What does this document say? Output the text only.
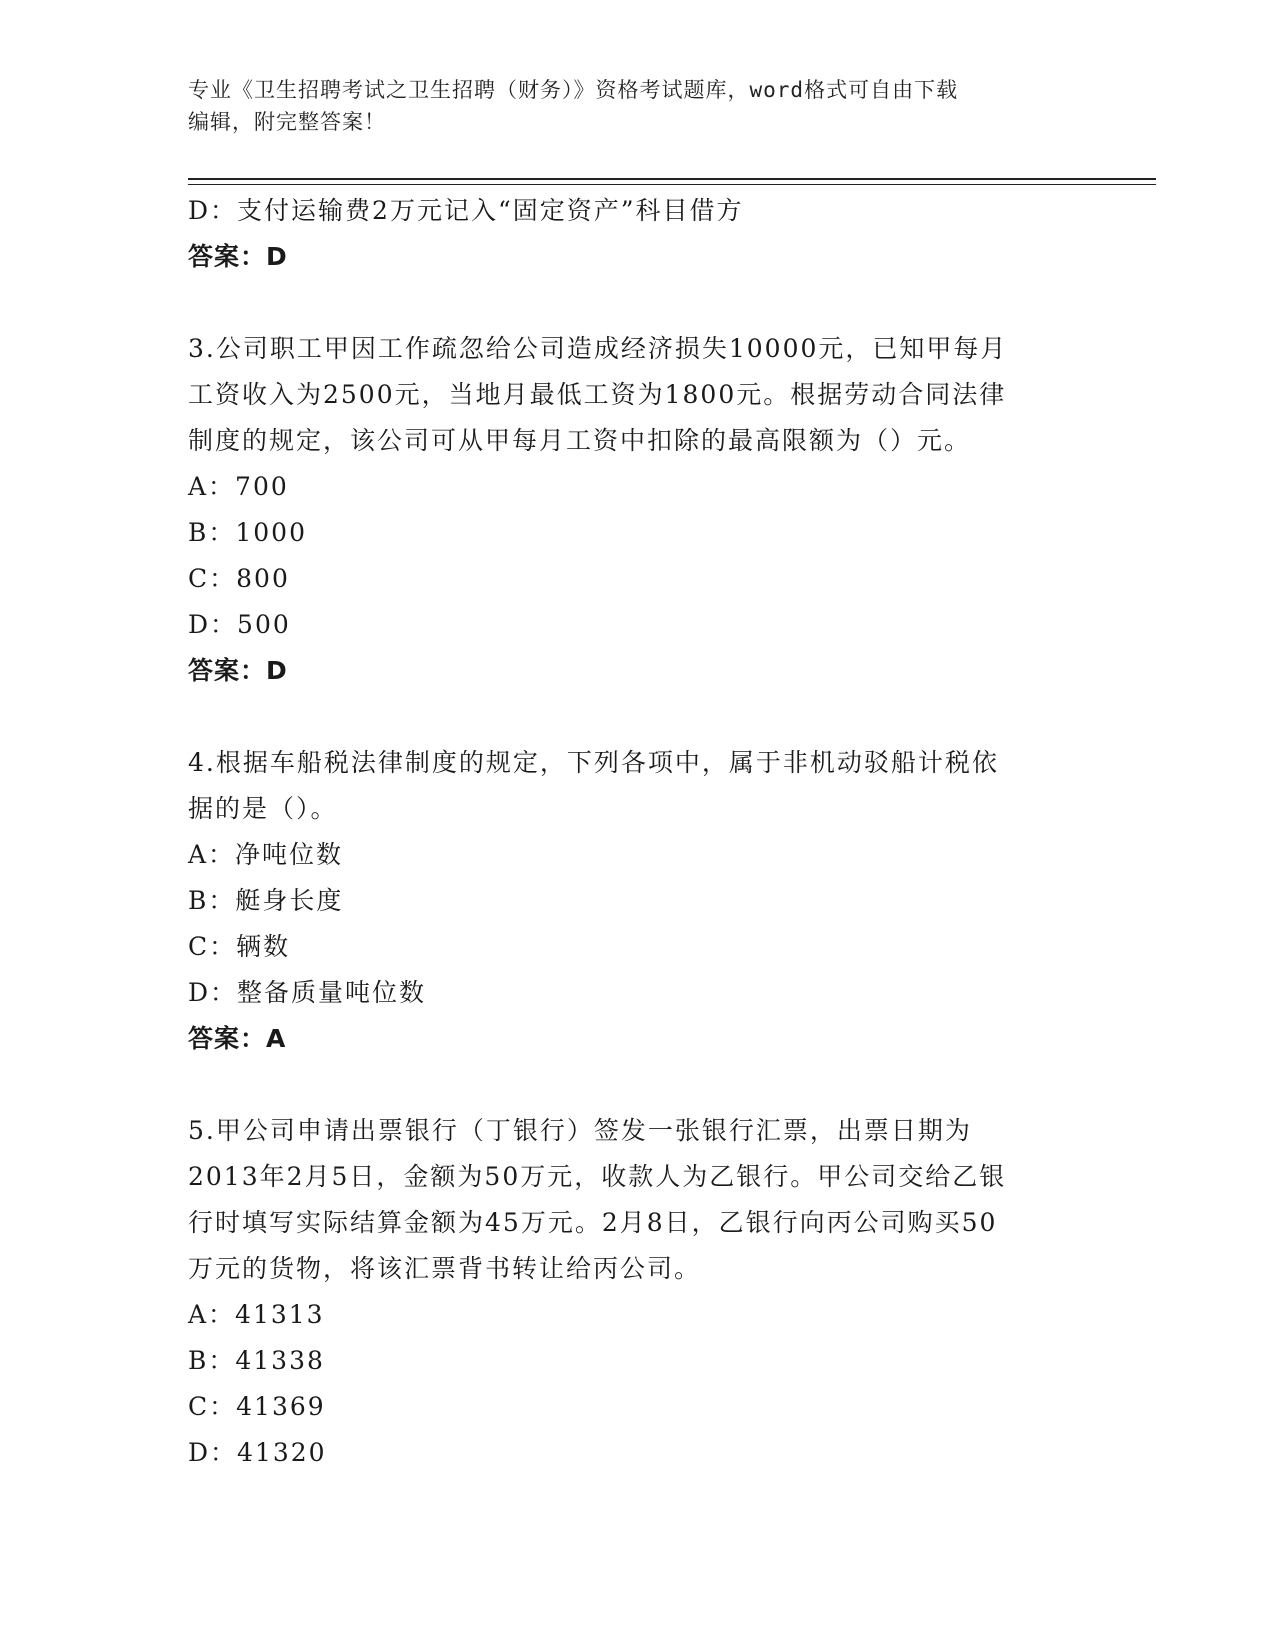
专业《卫生招聘考试之卫生招聘（财务）》资格考试题库，word格式可自由下载
编辑，附完整答案！
D：支付运输费2万元记入“固定资产”科目借方
答案：D
3.公司职工甲因工作疏忽给公司造成经济损失10000元，已知甲每月
工资收入为2500元，当地月最低工资为1800元。根据劳动合同法律
制度的规定，该公司可从甲每月工资中扣除的最高限额为（）元。
A：700
B：1000
C：800
D：500
答案：D
4.根据车船税法律制度的规定，下列各项中，属于非机动驳船计税依
据的是（）。
A：净吨位数
B：艇身长度
C：辆数
D：整备质量吨位数
答案：A
5.甲公司申请出票银行（丁银行）签发一张银行汇票，出票日期为
2013年2月5日，金额为50万元，收款人为乙银行。甲公司交给乙银
行时填写实际结算金额为45万元。2月8日，乙银行向丙公司购买50
万元的货物，将该汇票背书转让给丙公司。
A：41313
B：41338
C：41369
D：41320
